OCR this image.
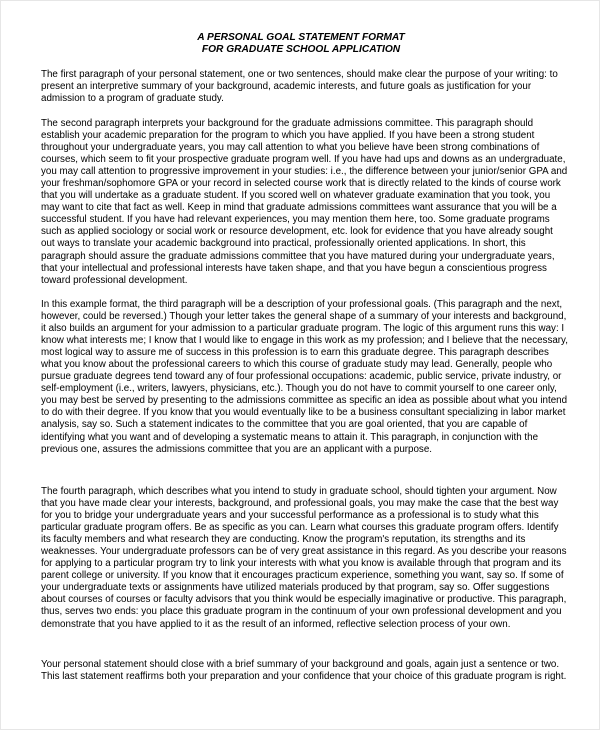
A PERSONAL GOAL STATEMENT FORMAT
FOR GRADUATE SCHOOL APPLICATION

The first paragraph of your personal statement, one or two sentences, should make clear the purpose of your writing: to present an interpretive summary of your background, academic interests, and future goals as justification for your admission to a program of graduate study.

The second paragraph interprets your background for the graduate admissions committee. This paragraph should establish your academic preparation for the program to which you have applied. If you have been a strong student throughout your undergraduate years, you may call attention to what you believe have been strong combinations of courses, which seem to fit your prospective graduate program well. If you have had ups and downs as an undergraduate, you may call attention to progressive improvement in your studies: i.e., the difference between your junior/senior GPA and your freshman/sophomore GPA or your record in selected course work that is directly related to the kinds of course work that you will undertake as a graduate student. If you scored well on whatever graduate examination that you took, you may want to cite that fact as well. Keep in mind that graduate admissions committees want assurance that you will be a successful student. If you have had relevant experiences, you may mention them here, too. Some graduate programs such as applied sociology or social work or resource development, etc. look for evidence that you have already sought out ways to translate your academic background into practical, professionally oriented applications. In short, this paragraph should assure the graduate admissions committee that you have matured during your undergraduate years, that your intellectual and professional interests have taken shape, and that you have begun a conscientious progress toward professional development.

In this example format, the third paragraph will be a description of your professional goals. (This paragraph and the next, however, could be reversed.) Though your letter takes the general shape of a summary of your interests and background, it also builds an argument for your admission to a particular graduate program. The logic of this argument runs this way: I know what interests me; I know that I would like to engage in this work as my profession; and I believe that the necessary, most logical way to assure me of success in this profession is to earn this graduate degree. This paragraph describes what you know about the professional careers to which this course of graduate study may lead. Generally, people who pursue graduate degrees tend toward any of four professional occupations: academic, public service, private industry, or self-employment (i.e., writers, lawyers, physicians, etc.). Though you do not have to commit yourself to one career only, you may best be served by presenting to the admissions committee as specific an idea as possible about what you intend to do with their degree. If you know that you would eventually like to be a business consultant specializing in labor market analysis, say so. Such a statement indicates to the committee that you are goal oriented, that you are capable of identifying what you want and of developing a systematic means to attain it. This paragraph, in conjunction with the previous one, assures the admissions committee that you are an applicant with a purpose.

The fourth paragraph, which describes what you intend to study in graduate school, should tighten your argument. Now that you have made clear your interests, background, and professional goals, you may make the case that the best way for you to bridge your undergraduate years and your successful performance as a professional is to study what this particular graduate program offers. Be as specific as you can. Learn what courses this graduate program offers. Identify its faculty members and what research they are conducting. Know the program's reputation, its strengths and its weaknesses. Your undergraduate professors can be of very great assistance in this regard. As you describe your reasons for applying to a particular program try to link your interests with what you know is available through that program and its parent college or university. If you know that it encourages practicum experience, something you want, say so. If some of your undergraduate texts or assignments have utilized materials produced by that program, say so. Offer suggestions about courses of courses or faculty advisors that you think would be especially imaginative or productive. This paragraph, thus, serves two ends: you place this graduate program in the continuum of your own professional development and you demonstrate that you have applied to it as the result of an informed, reflective selection process of your own.

Your personal statement should close with a brief summary of your background and goals, again just a sentence or two. This last statement reaffirms both your preparation and your confidence that your choice of this graduate program is right.
